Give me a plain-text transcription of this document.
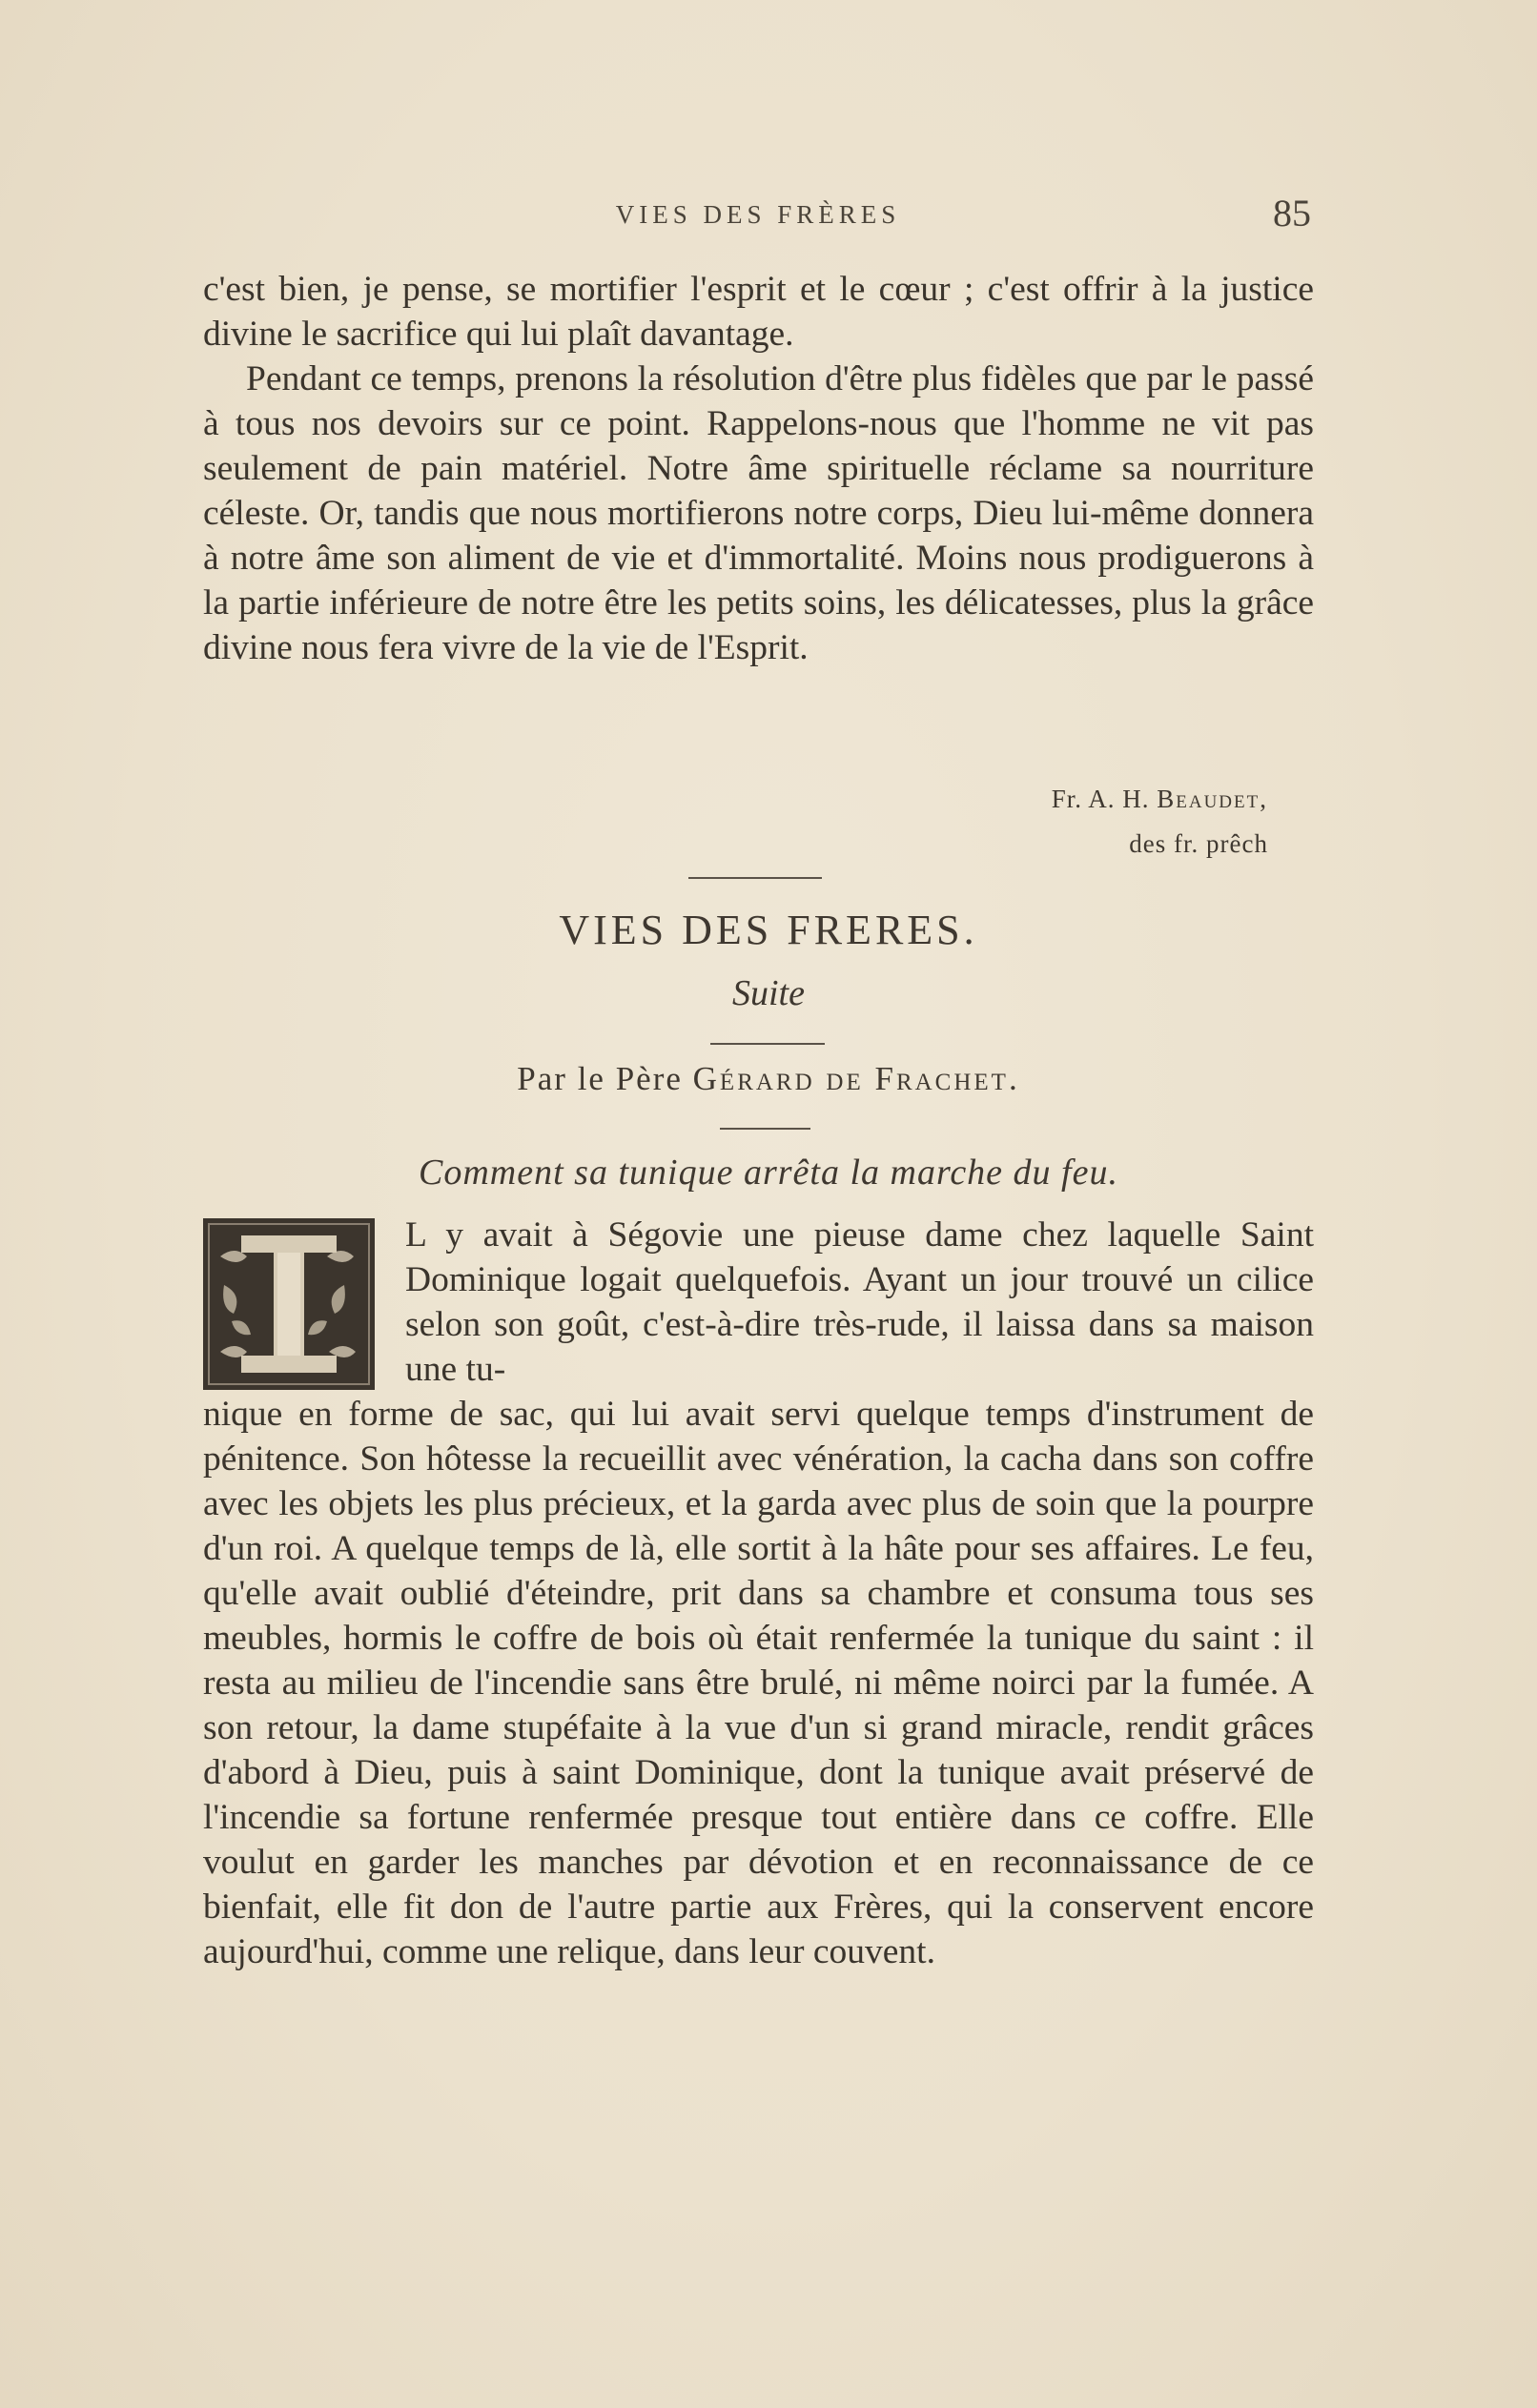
VIES DES FRÈRES	85

c'est bien, je pense, se mortifier l'esprit et le cœur ; c'est offrir à la justice divine le sacrifice qui lui plaît davantage.

Pendant ce temps, prenons la résolution d'être plus fidèles que par le passé à tous nos devoirs sur ce point. Rappelons-nous que l'homme ne vit pas seulement de pain matériel. Notre âme spirituelle réclame sa nourriture céleste. Or, tandis que nous mortifierons notre corps, Dieu lui-même donnera à notre âme son aliment de vie et d'immortalité. Moins nous prodiguerons à la partie inférieure de notre être les petits soins, les délicatesses, plus la grâce divine nous fera vivre de la vie de l'Esprit.

Fr. A. H. Beaudet,
des fr. prêch
VIES DES FRERES.
Suite
Par le Père Gérard de Frachet.
Comment sa tunique arrêta la marche du feu.
L y avait à Ségovie une pieuse dame chez laquelle Saint Dominique logait quelquefois. Ayant un jour trouvé un cilice selon son goût, c'est-à-dire très-rude, il laissa dans sa maison une tu-

nique en forme de sac, qui lui avait servi quelque temps d'instrument de pénitence. Son hôtesse la recueillit avec vénération, la cacha dans son coffre avec les objets les plus précieux, et la garda avec plus de soin que la pourpre d'un roi. A quelque temps de là, elle sortit à la hâte pour ses affaires. Le feu, qu'elle avait oublié d'éteindre, prit dans sa chambre et consuma tous ses meubles, hormis le coffre de bois où était renfermée la tunique du saint : il resta au milieu de l'incendie sans être brulé, ni même noirci par la fumée. A son retour, la dame stupéfaite à la vue d'un si grand miracle, rendit grâces d'abord à Dieu, puis à saint Dominique, dont la tunique avait préservé de l'incendie sa fortune renfermée presque tout entière dans ce coffre. Elle voulut en garder les manches par dévotion et en reconnaissance de ce bienfait, elle fit don de l'autre partie aux Frères, qui la conservent encore aujourd'hui, comme une relique, dans leur couvent.
